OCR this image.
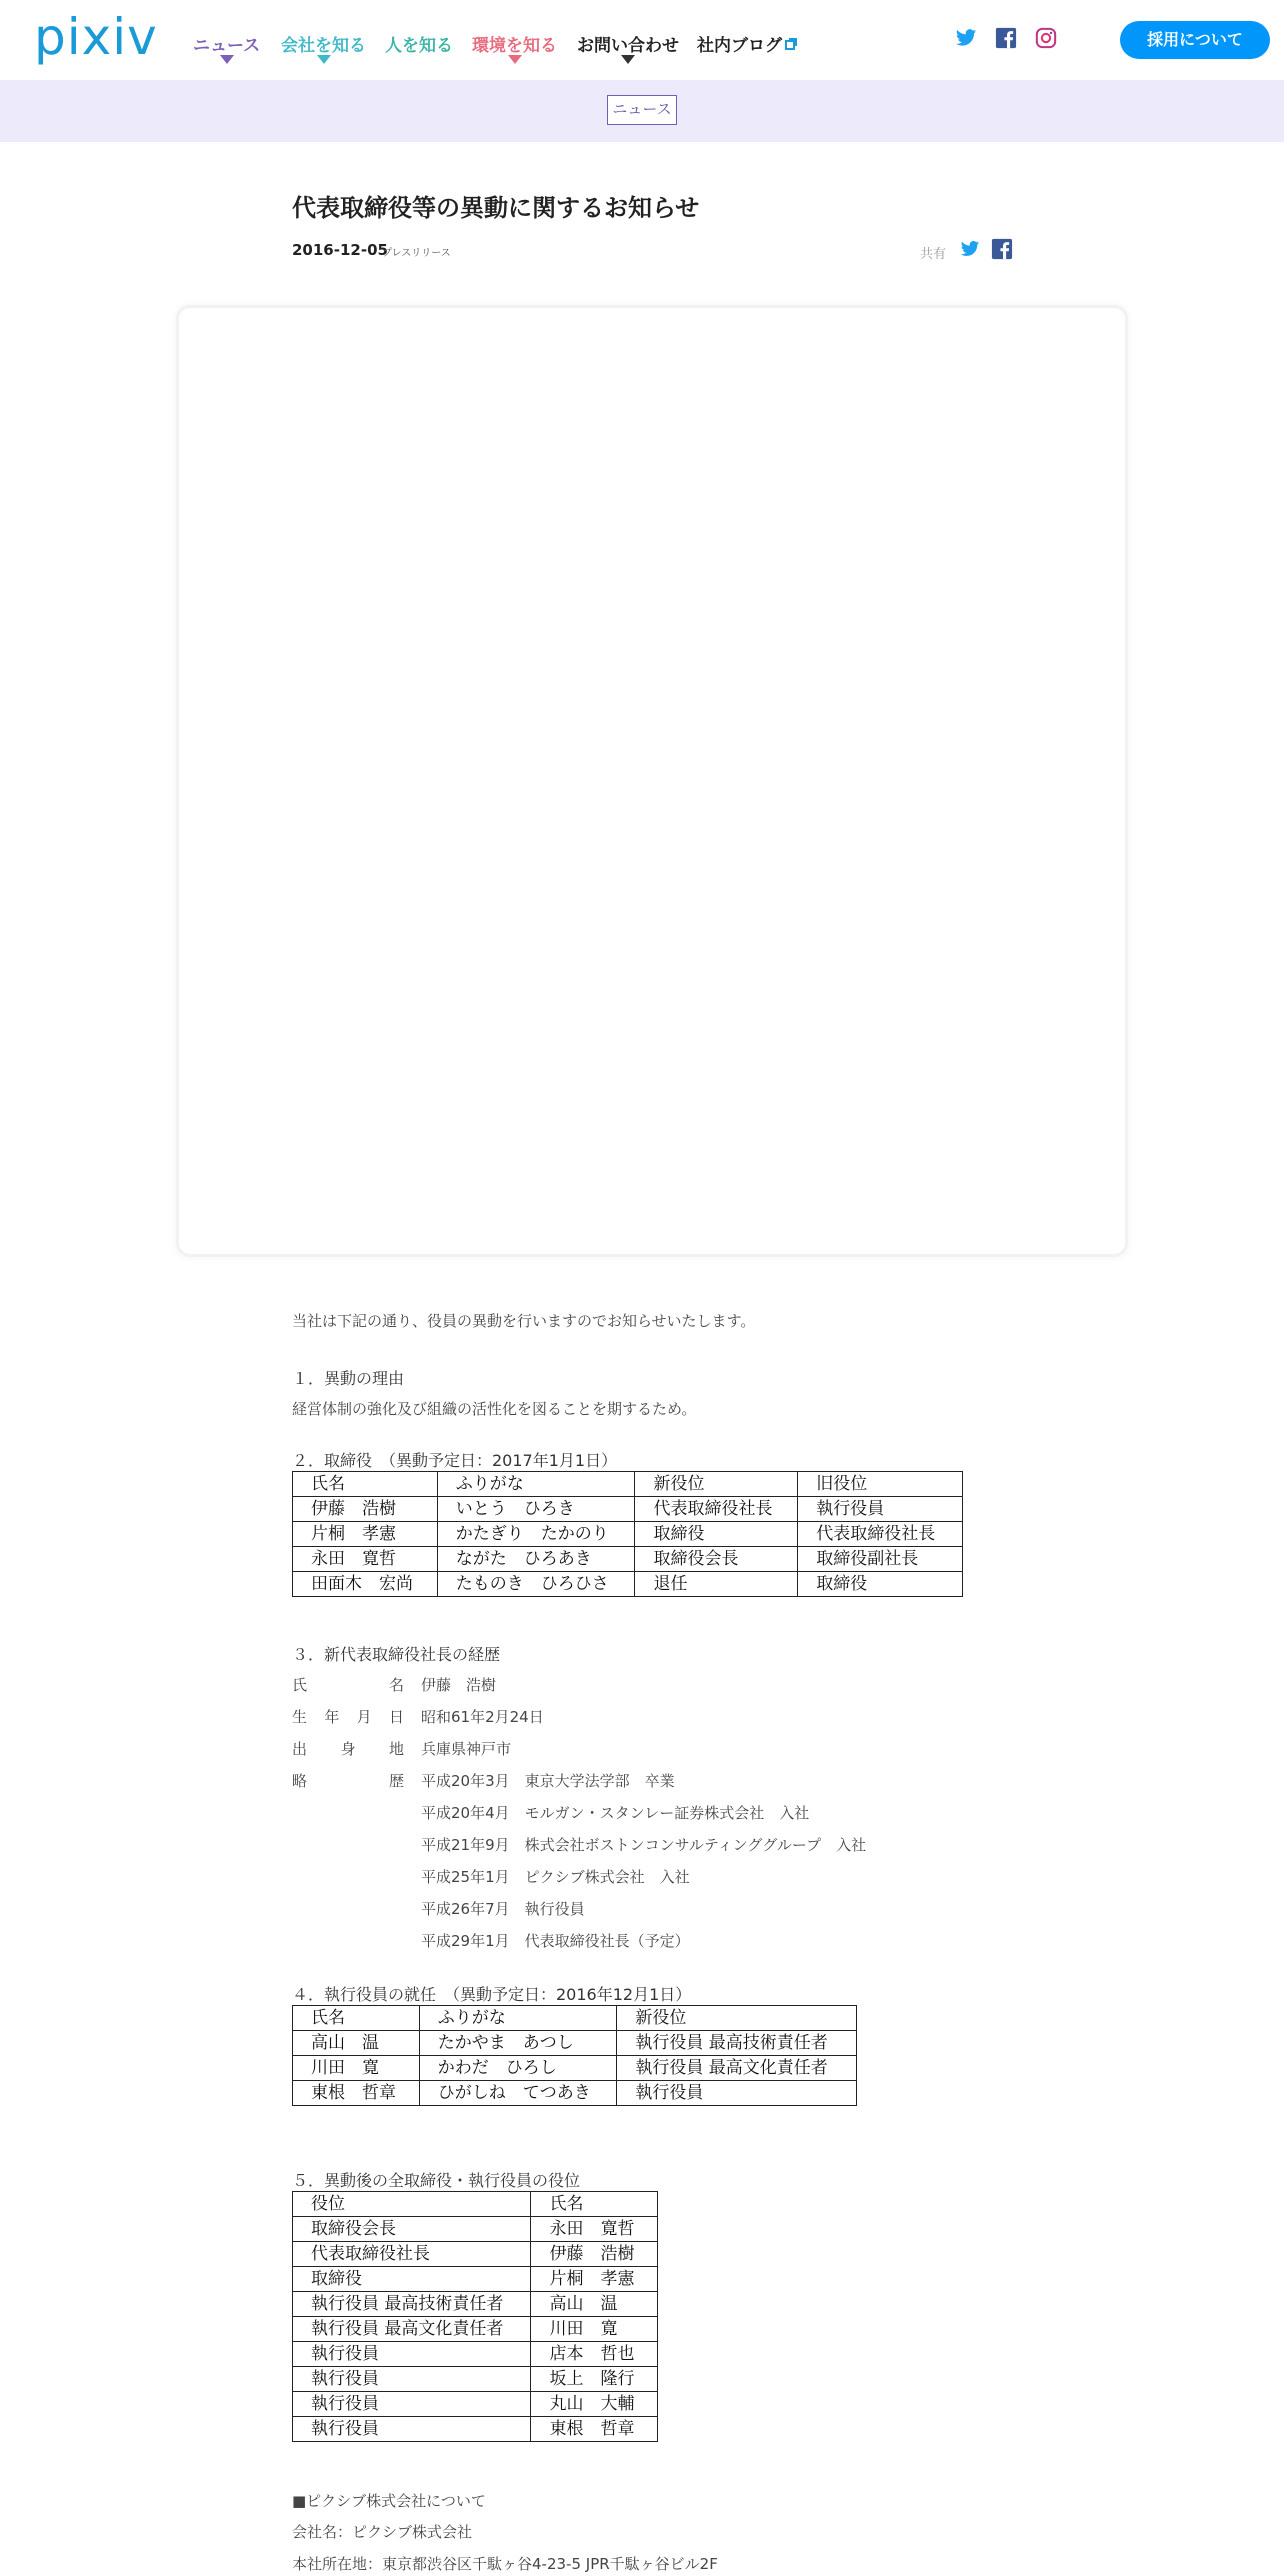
pixiv ニュース 会社を知る 人を知る 環境を知る お問い合わせ 社内ブログ	採用について
ニュース
代表取締役等の異動に関するお知らせ
2016-12-05
プレスリリース	共有
当社は下記の通り、役員の異動を行いますのでお知らせいたします。
１．異動の理由
経営体制の強化及び組織の活性化を図ることを期するため。
２．取締役　（異動予定日：2017年1月1日）
氏名	ふりがな	新役位	旧役位
伊藤　浩樹	いとう　ひろき	代表取締役社長	執行役員
片桐　孝憲	かたぎり　たかのり	取締役	代表取締役社長
永田　寛哲	ながた　ひろあき	取締役会長	取締役副社長
田面木　宏尚	たものき　ひろひさ	退任	取締役
３．新代表取締役社長の経歴
氏	名 伊藤　浩樹
生 年 月 日 昭和61年2月24日
出 身 地 兵庫県神戸市
略	歴 平成20年3月　東京大学法学部　卒業
平成20年4月　モルガン・スタンレー証券株式会社　入社
平成21年9月　株式会社ボストンコンサルティンググループ　入社
平成25年1月　ピクシブ株式会社　入社
平成26年7月　執行役員
平成29年1月　代表取締役社長（予定）
４．執行役員の就任　（異動予定日：2016年12月1日）
氏名	ふりがな	新役位
高山　温	たかやま　あつし	執行役員 最高技術責任者
川田　寛	かわだ　ひろし	執行役員 最高文化責任者
東根　哲章	ひがしね　てつあき	執行役員
５．異動後の全取締役・執行役員の役位
役位	氏名
取締役会長	永田　寛哲
代表取締役社長	伊藤　浩樹
取締役	片桐　孝憲
執行役員 最高技術責任者	高山　温
執行役員 最高文化責任者	川田　寛
執行役員	店本　哲也
執行役員	坂上　隆行
執行役員	丸山　大輔
執行役員	東根　哲章
■ピクシブ株式会社について
会社名：ピクシブ株式会社
本社所在地：東京都渋谷区千駄ヶ谷4-23-5 JPR千駄ヶ谷ビル2F
